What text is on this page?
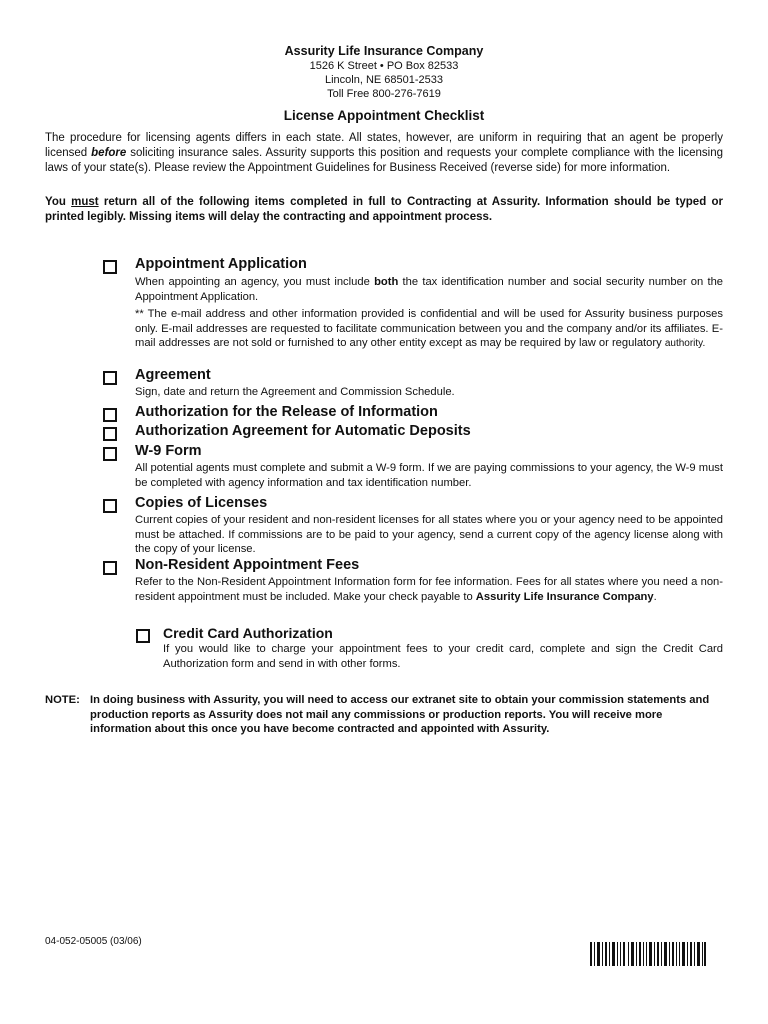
Assurity Life Insurance Company
1526 K Street • PO Box 82533
Lincoln, NE 68501-2533
Toll Free 800-276-7619
License Appointment Checklist
The procedure for licensing agents differs in each state. All states, however, are uniform in requiring that an agent be properly licensed before soliciting insurance sales. Assurity supports this position and requests your complete compliance with the licensing laws of your state(s). Please review the Appointment Guidelines for Business Received (reverse side) for more information.
You must return all of the following items completed in full to Contracting at Assurity. Information should be typed or printed legibly. Missing items will delay the contracting and appointment process.
Appointment Application
When appointing an agency, you must include both the tax identification number and social security number on the Appointment Application.
** The e-mail address and other information provided is confidential and will be used for Assurity business purposes only. E-mail addresses are requested to facilitate communication between you and the company and/or its affiliates. E-mail addresses are not sold or furnished to any other entity except as may be required by law or regulatory authority.
Agreement
Sign, date and return the Agreement and Commission Schedule.
Authorization for the Release of Information
Authorization Agreement for Automatic Deposits
W-9 Form
All potential agents must complete and submit a W-9 form. If we are paying commissions to your agency, the W-9 must be completed with agency information and tax identification number.
Copies of Licenses
Current copies of your resident and non-resident licenses for all states where you or your agency need to be appointed must be attached. If commissions are to be paid to your agency, send a current copy of the agency license along with the copy of your license.
Non-Resident Appointment Fees
Refer to the Non-Resident Appointment Information form for fee information. Fees for all states where you need a non-resident appointment must be included. Make your check payable to Assurity Life Insurance Company.
Credit Card Authorization
If you would like to charge your appointment fees to your credit card, complete and sign the Credit Card Authorization form and send in with other forms.
NOTE: In doing business with Assurity, you will need to access our extranet site to obtain your commission statements and production reports as Assurity does not mail any commissions or production reports. You will receive more information about this once you have become contracted and appointed with Assurity.
04-052-05005 (03/06)
